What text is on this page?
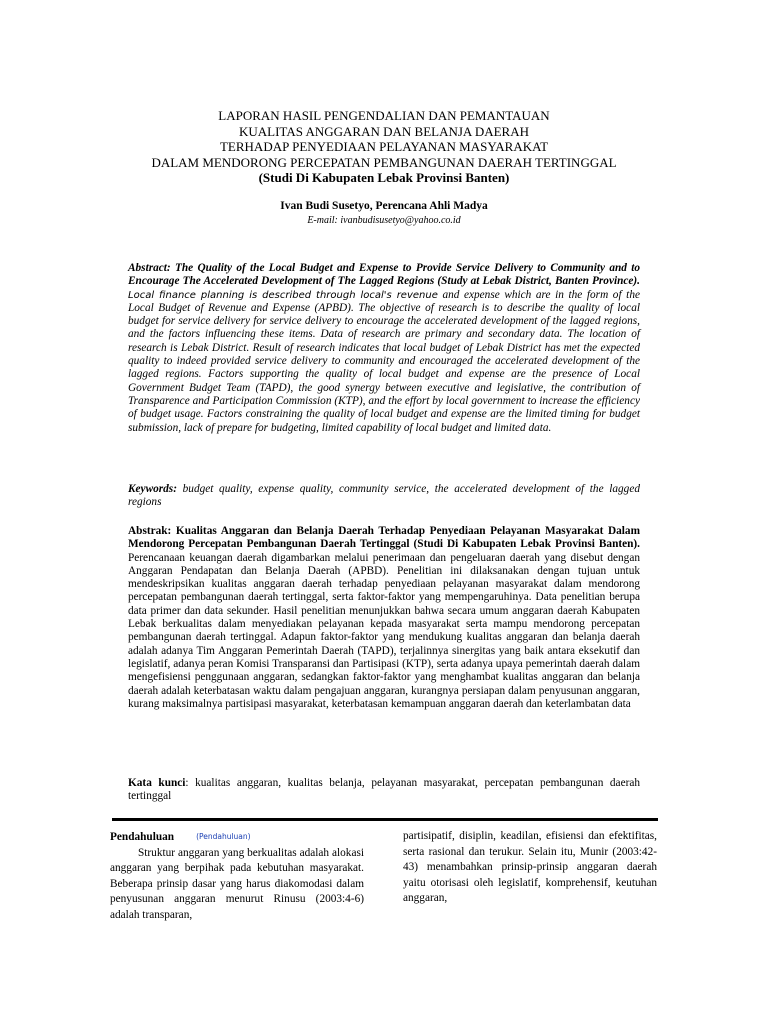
LAPORAN HASIL PENGENDALIAN DAN PEMANTAUAN
KUALITAS ANGGARAN DAN BELANJA DAERAH
TERHADAP PENYEDIAAN PELAYANAN MASYARAKAT
DALAM MENDORONG PERCEPATAN PEMBANGUNAN DAERAH TERTINGGAL
(Studi Di Kabupaten Lebak Provinsi Banten)
Ivan Budi Susetyo, Perencana Ahli Madya
E-mail: ivanbudisusetyo@yahoo.co.id
Abstract: The Quality of the Local Budget and Expense to Provide Service Delivery to Community and to Encourage The Accelerated Development of The Lagged Regions (Study at Lebak District, Banten Province). Local finance planning is described through local's revenue and expense which are in the form of the Local Budget of Revenue and Expense (APBD). The objective of research is to describe the quality of local budget for service delivery for service delivery to encourage the accelerated development of the lagged regions, and the factors influencing these items. Data of research are primary and secondary data. The location of research is Lebak District. Result of research indicates that local budget of Lebak District has met the expected quality to indeed provided service delivery to community and encouraged the accelerated development of the lagged regions. Factors supporting the quality of local budget and expense are the presence of Local Government Budget Team (TAPD), the good synergy between executive and legislative, the contribution of Transparence and Participation Commission (KTP), and the effort by local government to increase the efficiency of budget usage. Factors constraining the quality of local budget and expense are the limited timing for budget submission, lack of prepare for budgeting, limited capability of local budget and limited data.
Keywords: budget quality, expense quality, community service, the accelerated development of the lagged regions
Abstrak: Kualitas Anggaran dan Belanja Daerah Terhadap Penyediaan Pelayanan Masyarakat Dalam Mendorong Percepatan Pembangunan Daerah Tertinggal (Studi Di Kabupaten Lebak Provinsi Banten). Perencanaan keuangan daerah digambarkan melalui penerimaan dan pengeluaran daerah yang disebut dengan Anggaran Pendapatan dan Belanja Daerah (APBD). Penelitian ini dilaksanakan dengan tujuan untuk mendeskripsikan kualitas anggaran daerah terhadap penyediaan pelayanan masyarakat dalam mendorong percepatan pembangunan daerah tertinggal, serta faktor-faktor yang mempengaruhinya. Data penelitian berupa data primer dan data sekunder. Hasil penelitian menunjukkan bahwa secara umum anggaran daerah Kabupaten Lebak berkualitas dalam menyediakan pelayanan kepada masyarakat serta mampu mendorong percepatan pembangunan daerah tertinggal. Adapun faktor-faktor yang mendukung kualitas anggaran dan belanja daerah adalah adanya Tim Anggaran Pemerintah Daerah (TAPD), terjalinnya sinergitas yang baik antara eksekutif dan legislatif, adanya peran Komisi Transparansi dan Partisipasi (KTP), serta adanya upaya pemerintah daerah dalam mengefisiensi penggunaan anggaran, sedangkan faktor-faktor yang menghambat kualitas anggaran dan belanja daerah adalah keterbatasan waktu dalam pengajuan anggaran, kurangnya persiapan dalam penyusunan anggaran, kurang maksimalnya partisipasi masyarakat, keterbatasan kemampuan anggaran daerah dan keterlambatan data
Kata kunci: kualitas anggaran, kualitas belanja, pelayanan masyarakat, percepatan pembangunan daerah tertinggal
Pendahuluan	(Pendahuluan)
Struktur anggaran yang berkualitas adalah alokasi anggaran yang berpihak pada kebutuhan masyarakat. Beberapa prinsip dasar yang harus diakomodasi dalam penyusunan anggaran menurut Rinusu (2003:4-6) adalah transparan,
partisipatif, disiplin, keadilan, efisiensi dan efektifitas, serta rasional dan terukur. Selain itu, Munir (2003:42-43) menambahkan prinsip-prinsip anggaran daerah yaitu otorisasi oleh legislatif, komprehensif, keutuhan anggaran,
